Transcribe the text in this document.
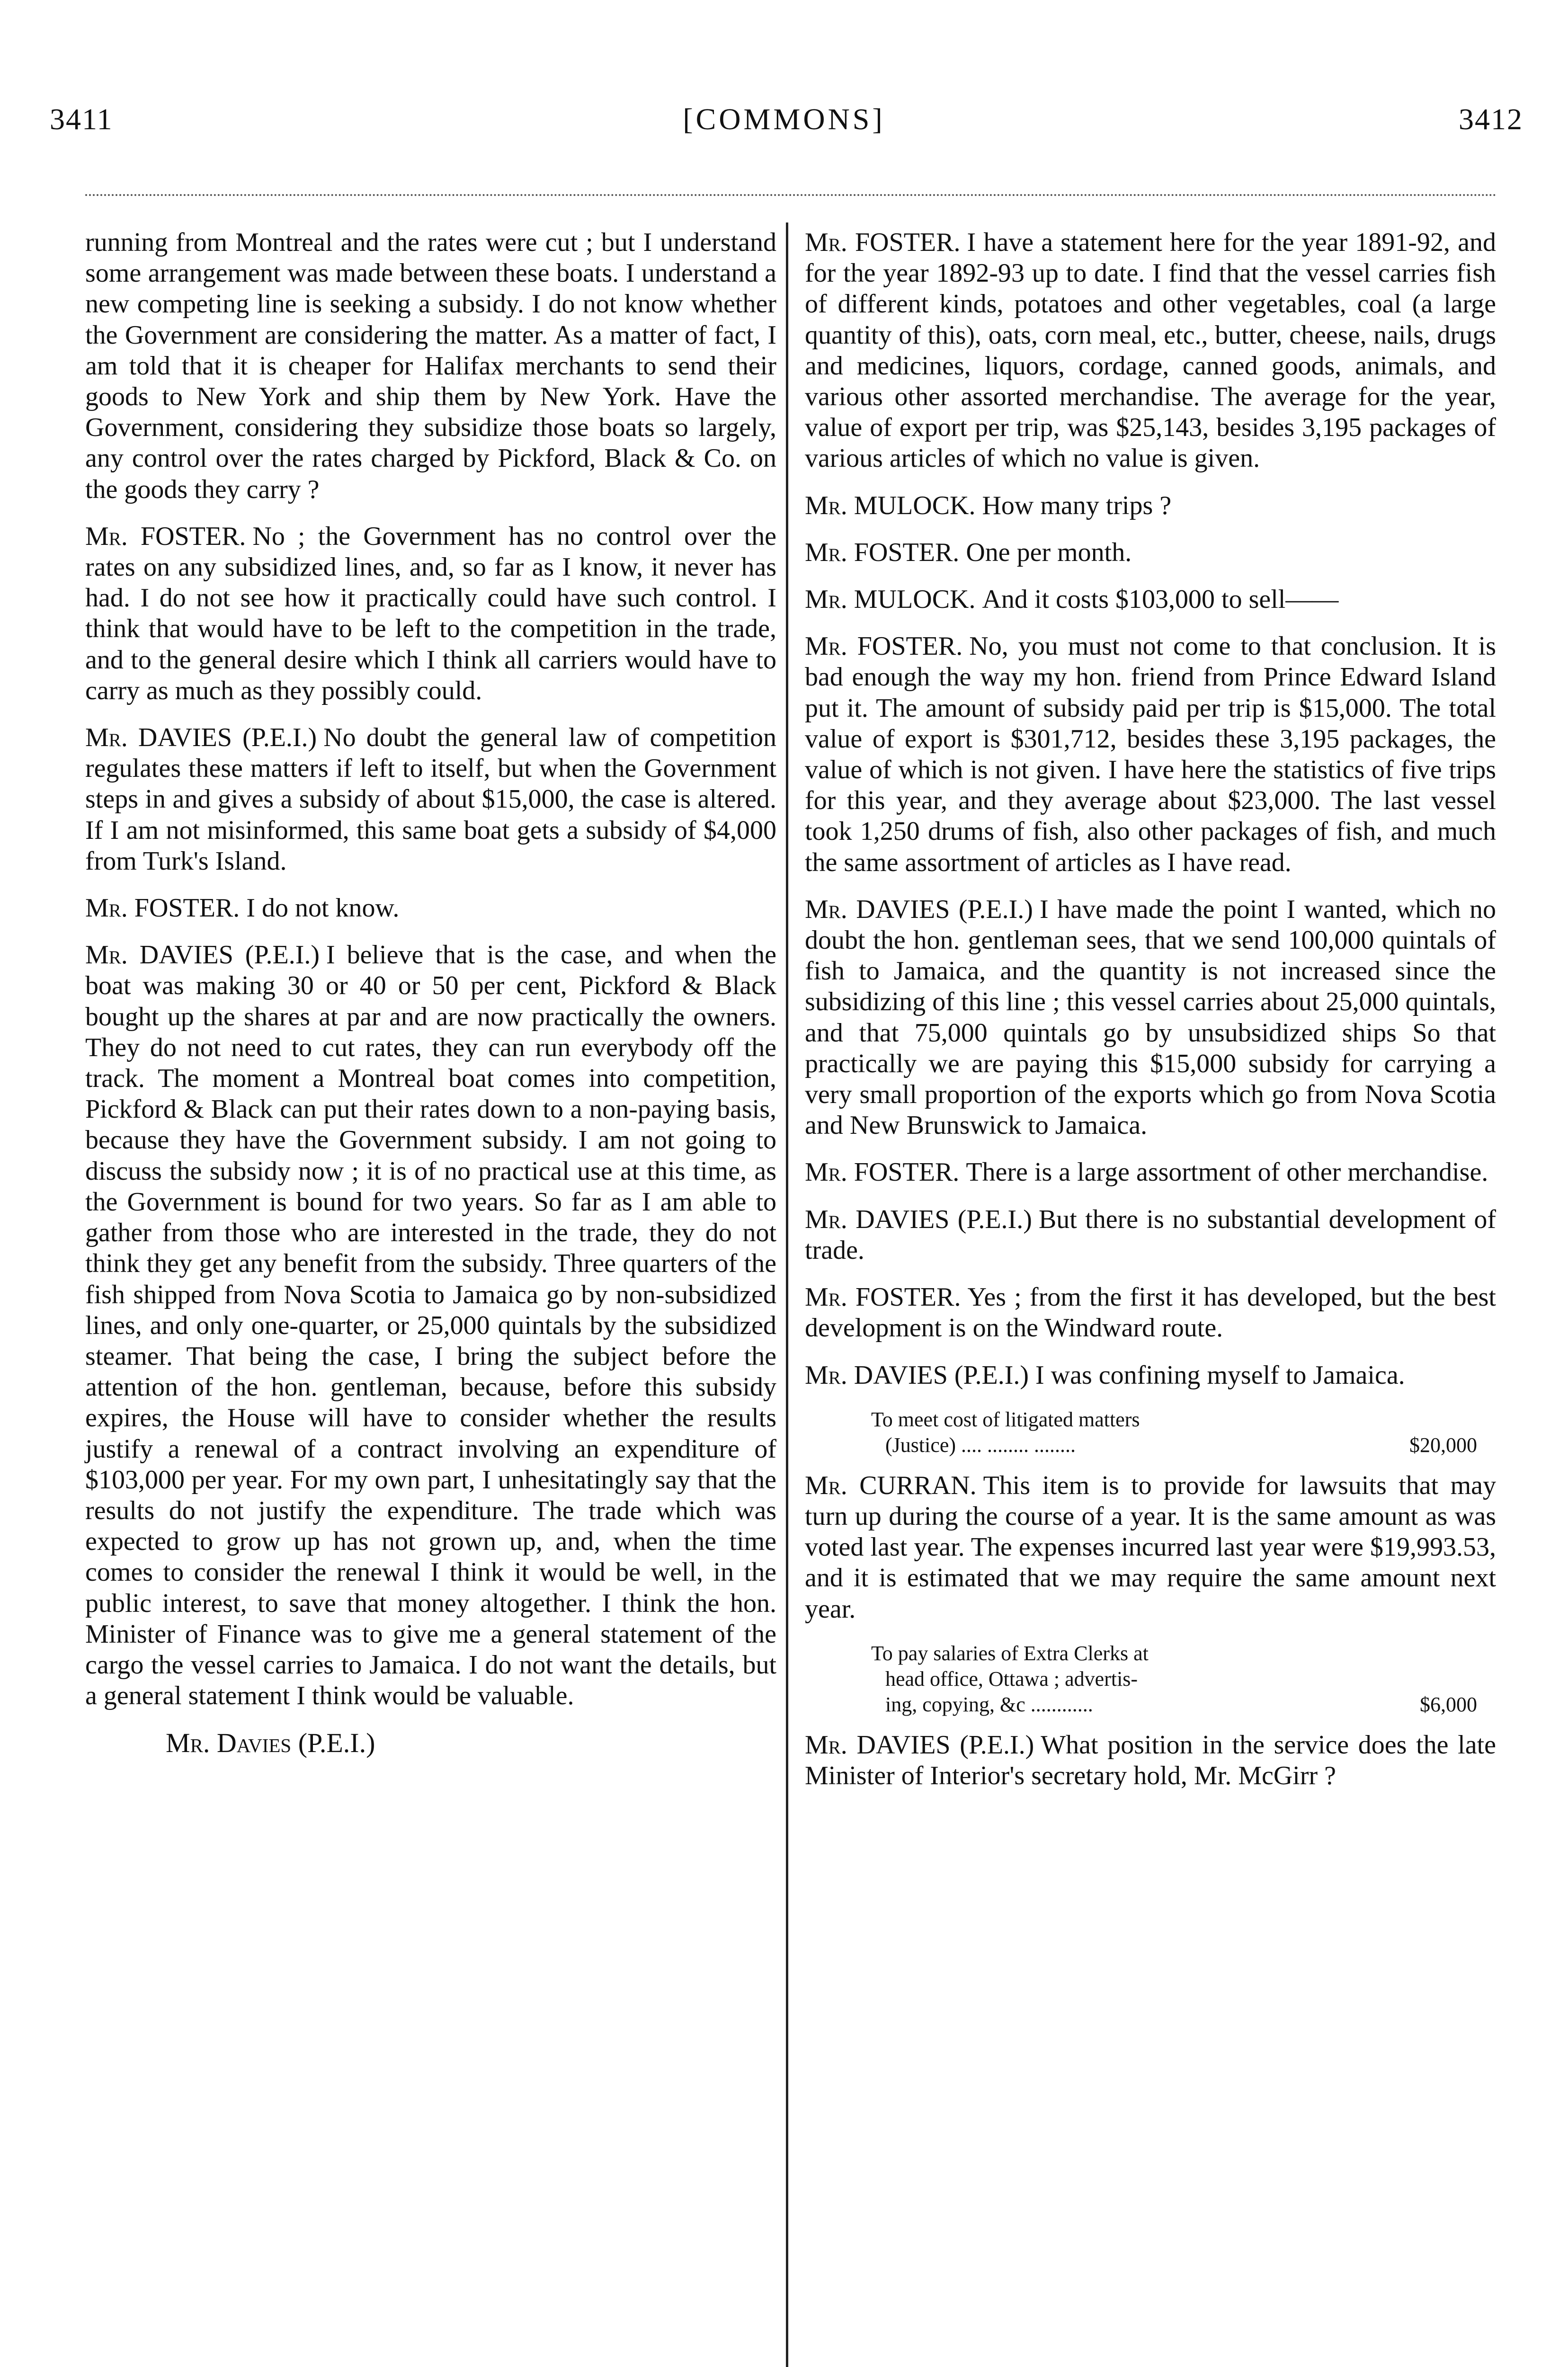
3411	[COMMONS]	3412

running from Montreal and the rates were cut ; but I understand some arrangement was made between these boats. I understand a new competing line is seeking a subsidy. I do not know whether the Government are considering the matter. As a matter of fact, I am told that it is cheaper for Halifax merchants to send their goods to New York and ship them by New York. Have the Government, considering they subsidize those boats so largely, any control over the rates charged by Pickford, Black & Co. on the goods they carry ?

Mr. FOSTER. No ; the Government has no control over the rates on any subsidized lines, and, so far as I know, it never has had. I do not see how it practically could have such control. I think that would have to be left to the competition in the trade, and to the general desire which I think all carriers would have to carry as much as they possibly could.

Mr. DAVIES (P.E.I.) No doubt the general law of competition regulates these matters if left to itself, but when the Government steps in and gives a subsidy of about $15,000, the case is altered. If I am not misinformed, this same boat gets a subsidy of $4,000 from Turk's Island.

Mr. FOSTER. I do not know.

Mr. DAVIES (P.E.I.) I believe that is the case, and when the boat was making 30 or 40 or 50 per cent, Pickford & Black bought up the shares at par and are now practically the owners. They do not need to cut rates, they can run everybody off the track. The moment a Montreal boat comes into competition, Pickford & Black can put their rates down to a non-paying basis, because they have the Government subsidy. I am not going to discuss the subsidy now ; it is of no practical use at this time, as the Government is bound for two years. So far as I am able to gather from those who are interested in the trade, they do not think they get any benefit from the subsidy. Three quarters of the fish shipped from Nova Scotia to Jamaica go by non-subsidized lines, and only one-quarter, or 25,000 quintals by the subsidized steamer. That being the case, I bring the subject before the attention of the hon. gentleman, because, before this subsidy expires, the House will have to consider whether the results justify a renewal of a contract involving an expenditure of $103,000 per year. For my own part, I unhesitatingly say that the results do not justify the expenditure. The trade which was expected to grow up has not grown up, and, when the time comes to consider the renewal I think it would be well, in the public interest, to save that money altogether. I think the hon. Minister of Finance was to give me a general statement of the cargo the vessel carries to Jamaica. I do not want the details, but a general statement I think would be valuable.

Mr. Davies (P.E.I.)

Mr. FOSTER. I have a statement here for the year 1891-92, and for the year 1892-93 up to date. I find that the vessel carries fish of different kinds, potatoes and other vegetables, coal (a large quantity of this), oats, corn meal, etc., butter, cheese, nails, drugs and medicines, liquors, cordage, canned goods, animals, and various other assorted merchandise. The average for the year, value of export per trip, was $25,143, besides 3,195 packages of various articles of which no value is given.

Mr. MULOCK. How many trips ?

Mr. FOSTER. One per month.

Mr. MULOCK. And it costs $103,000 to sell——

Mr. FOSTER. No, you must not come to that conclusion. It is bad enough the way my hon. friend from Prince Edward Island put it. The amount of subsidy paid per trip is $15,000. The total value of export is $301,712, besides these 3,195 packages, the value of which is not given. I have here the statistics of five trips for this year, and they average about $23,000. The last vessel took 1,250 drums of fish, also other packages of fish, and much the same assortment of articles as I have read.

Mr. DAVIES (P.E.I.) I have made the point I wanted, which no doubt the hon. gentleman sees, that we send 100,000 quintals of fish to Jamaica, and the quantity is not increased since the subsidizing of this line ; this vessel carries about 25,000 quintals, and that 75,000 quintals go by unsubsidized ships So that practically we are paying this $15,000 subsidy for carrying a very small proportion of the exports which go from Nova Scotia and New Brunswick to Jamaica.

Mr. FOSTER. There is a large assortment of other merchandise.

Mr. DAVIES (P.E.I.) But there is no substantial development of trade.

Mr. FOSTER. Yes ; from the first it has developed, but the best development is on the Windward route.

Mr. DAVIES (P.E.I.) I was confining myself to Jamaica.

To meet cost of litigated matters
(Justice) .... ........ ........	$20,000

Mr. CURRAN. This item is to provide for lawsuits that may turn up during the course of a year. It is the same amount as was voted last year. The expenses incurred last year were $19,993.53, and it is estimated that we may require the same amount next year.

To pay salaries of Extra Clerks at
head office, Ottawa ; advertis-
ing, copying, &c ............	$6,000

Mr. DAVIES (P.E.I.) What position in the service does the late Minister of Interior's secretary hold, Mr. McGirr ?
